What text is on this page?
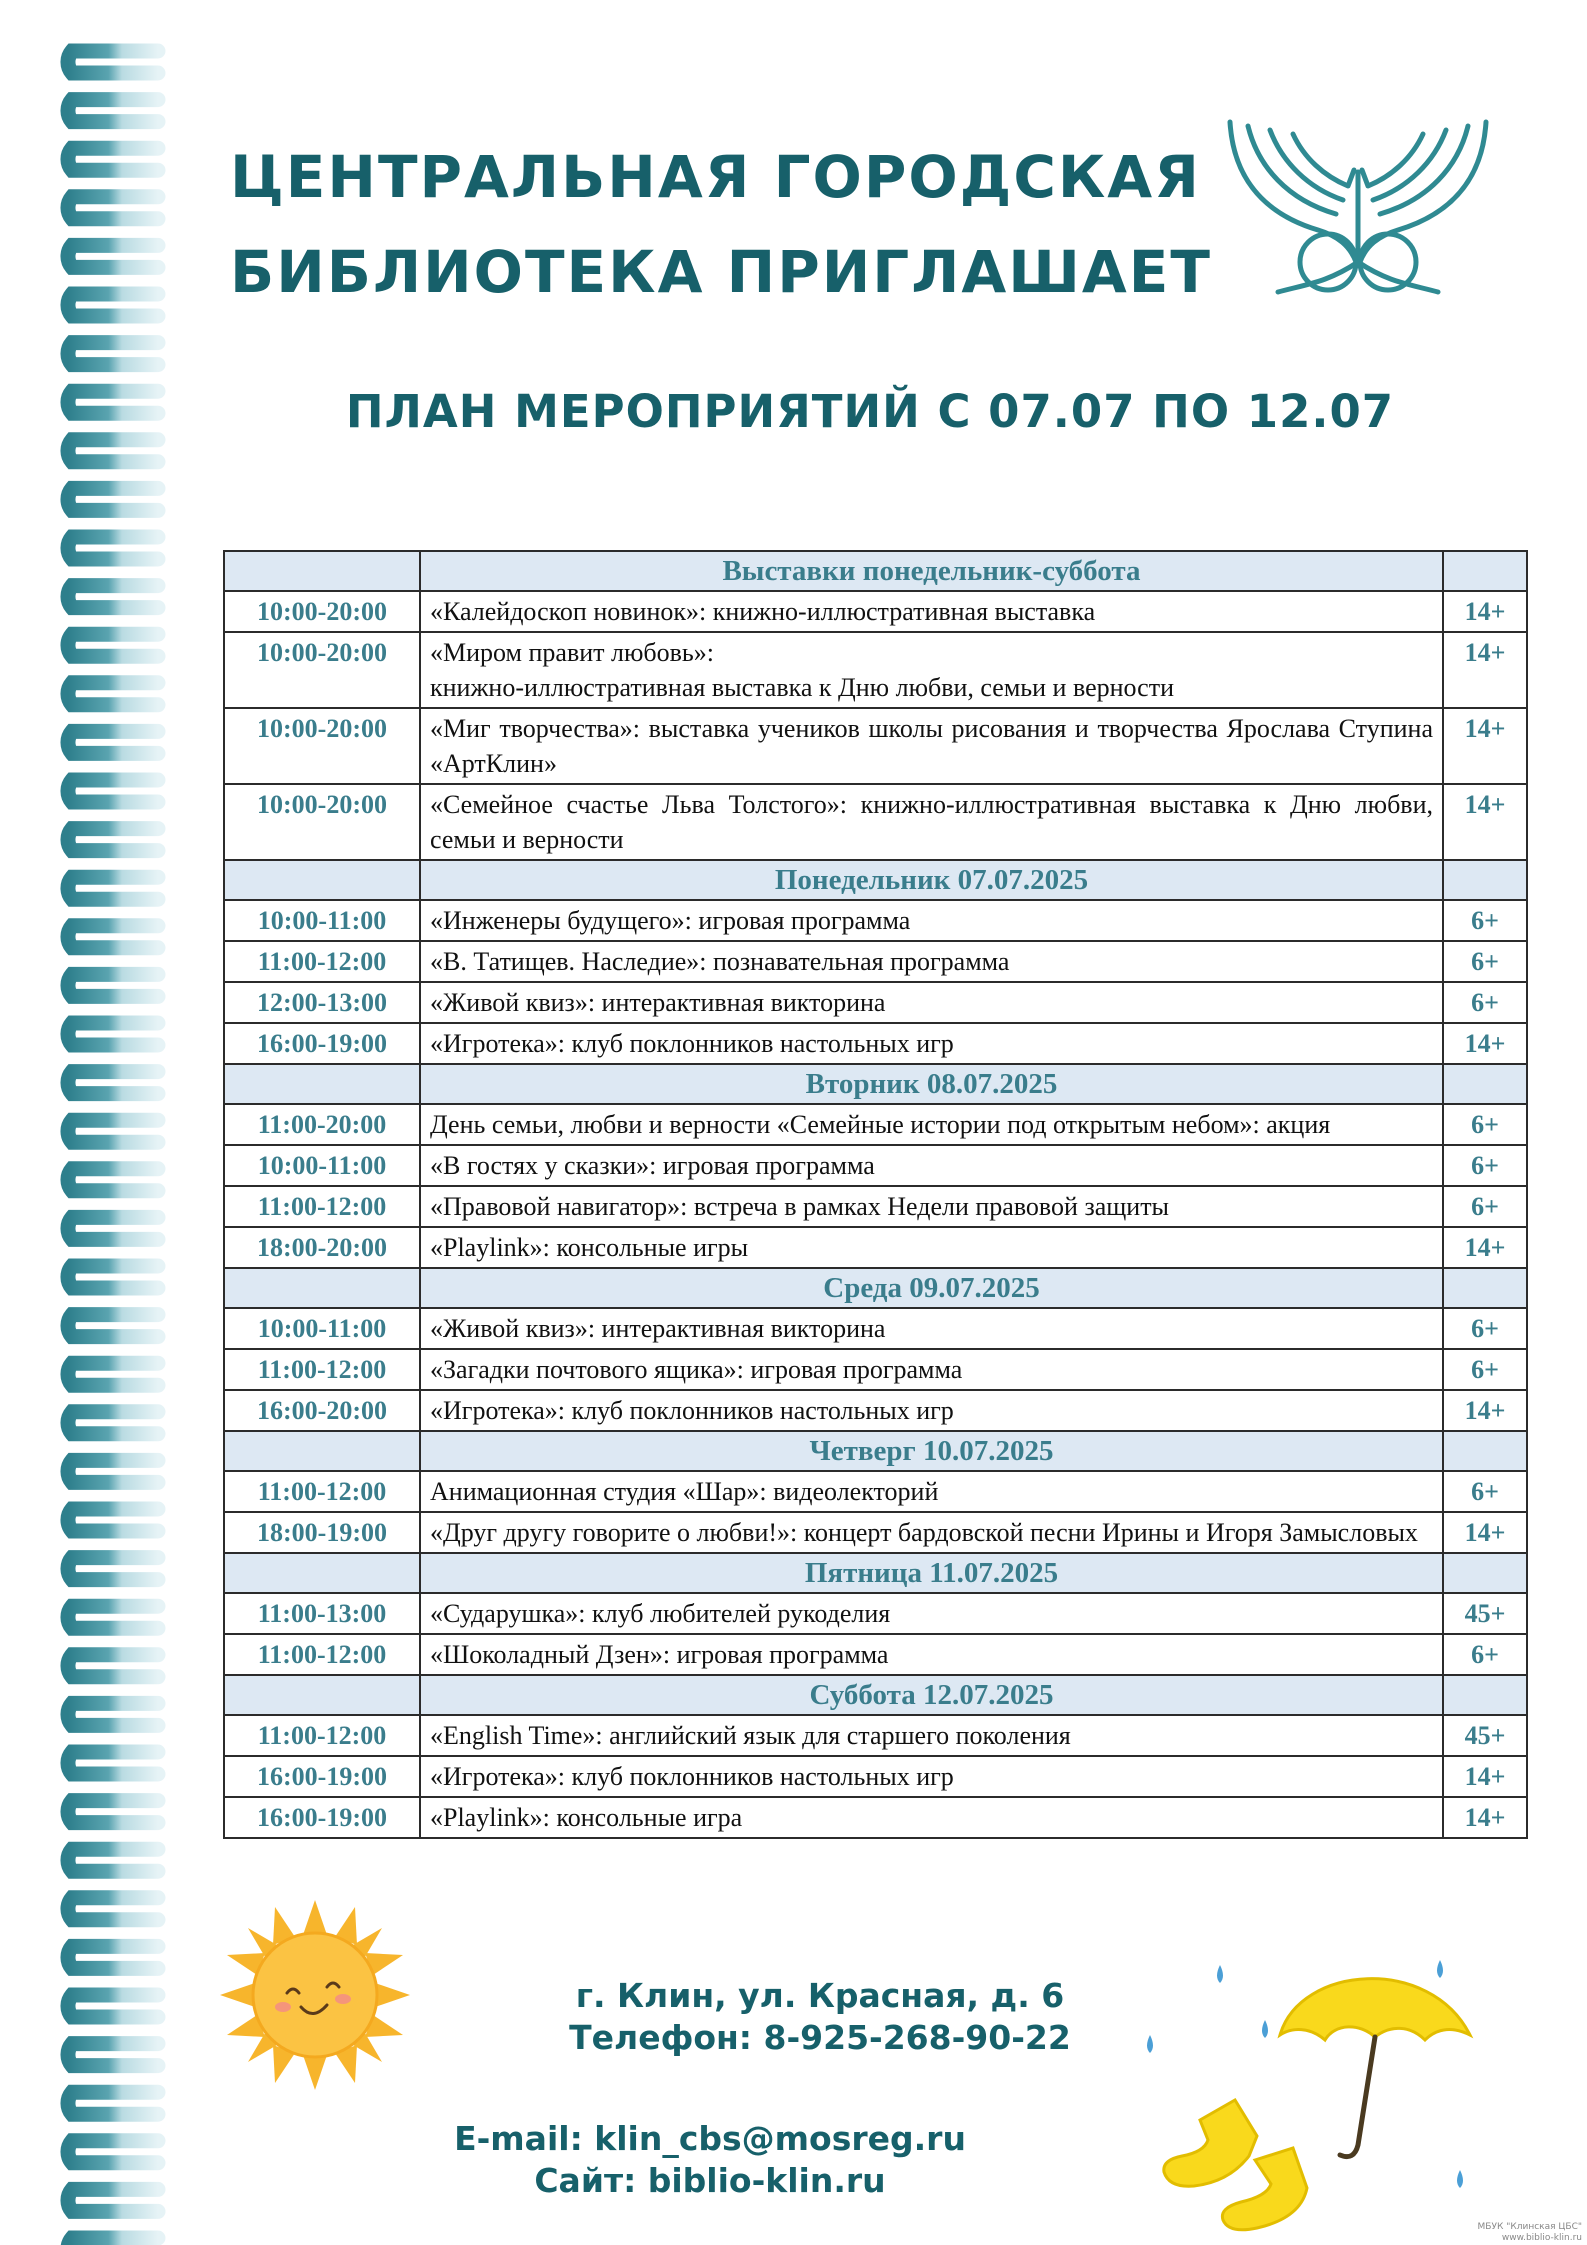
ЦЕНТРАЛЬНАЯ ГОРОДСКАЯ
БИБЛИОТЕКА ПРИГЛАШАЕТ
ПЛАН МЕРОПРИЯТИЙ С 07.07 ПО 12.07
	Выставки понедельник-суббота	
10:00-20:00	«Калейдоскоп новинок»: книжно-иллюстративная выставка	14+
10:00-20:00	«Миром правит любовь»:
книжно-иллюстративная выставка к Дню любви, семьи и верности	14+
10:00-20:00	«Миг творчества»: выставка учеников школы рисования и творчества Ярослава Ступина «АртКлин»	14+
10:00-20:00	«Семейное счастье Льва Толстого»: книжно-иллюстративная выставка к Дню любви, семьи и верности	14+
	Понедельник 07.07.2025	
10:00-11:00	«Инженеры будущего»: игровая программа	6+
11:00-12:00	«В. Татищев. Наследие»: познавательная программа	6+
12:00-13:00	«Живой квиз»: интерактивная викторина	6+
16:00-19:00	«Игротека»: клуб поклонников настольных игр	14+
	Вторник 08.07.2025	
11:00-20:00	День семьи, любви и верности «Семейные истории под открытым небом»: акция	6+
10:00-11:00	«В гостях у сказки»: игровая программа	6+
11:00-12:00	«Правовой навигатор»: встреча в рамках Недели правовой защиты	6+
18:00-20:00	«Playlink»: консольные игры	14+
	Среда 09.07.2025	
10:00-11:00	«Живой квиз»: интерактивная викторина	6+
11:00-12:00	«Загадки почтового ящика»: игровая программа	6+
16:00-20:00	«Игротека»: клуб поклонников настольных игр	14+
	Четверг 10.07.2025	
11:00-12:00	Анимационная студия «Шар»: видеолекторий	6+
18:00-19:00	«Друг другу говорите о любви!»: концерт бардовской песни Ирины и Игоря Замысловых	14+
	Пятница 11.07.2025	
11:00-13:00	«Сударушка»: клуб любителей рукоделия	45+
11:00-12:00	«Шоколадный Дзен»: игровая программа	6+
	Суббота 12.07.2025	
11:00-12:00	«English Time»: английский язык для старшего поколения	45+
16:00-19:00	«Игротека»: клуб поклонников настольных игр	14+
16:00-19:00	«Playlink»: консольные игра	14+
г. Клин, ул. Красная, д. 6
Телефон: 8-925-268-90-22
E-mail: klin_cbs@mosreg.ru
Сайт: biblio-klin.ru
МБУК "Клинская ЦБС"
www.biblio-klin.ru
